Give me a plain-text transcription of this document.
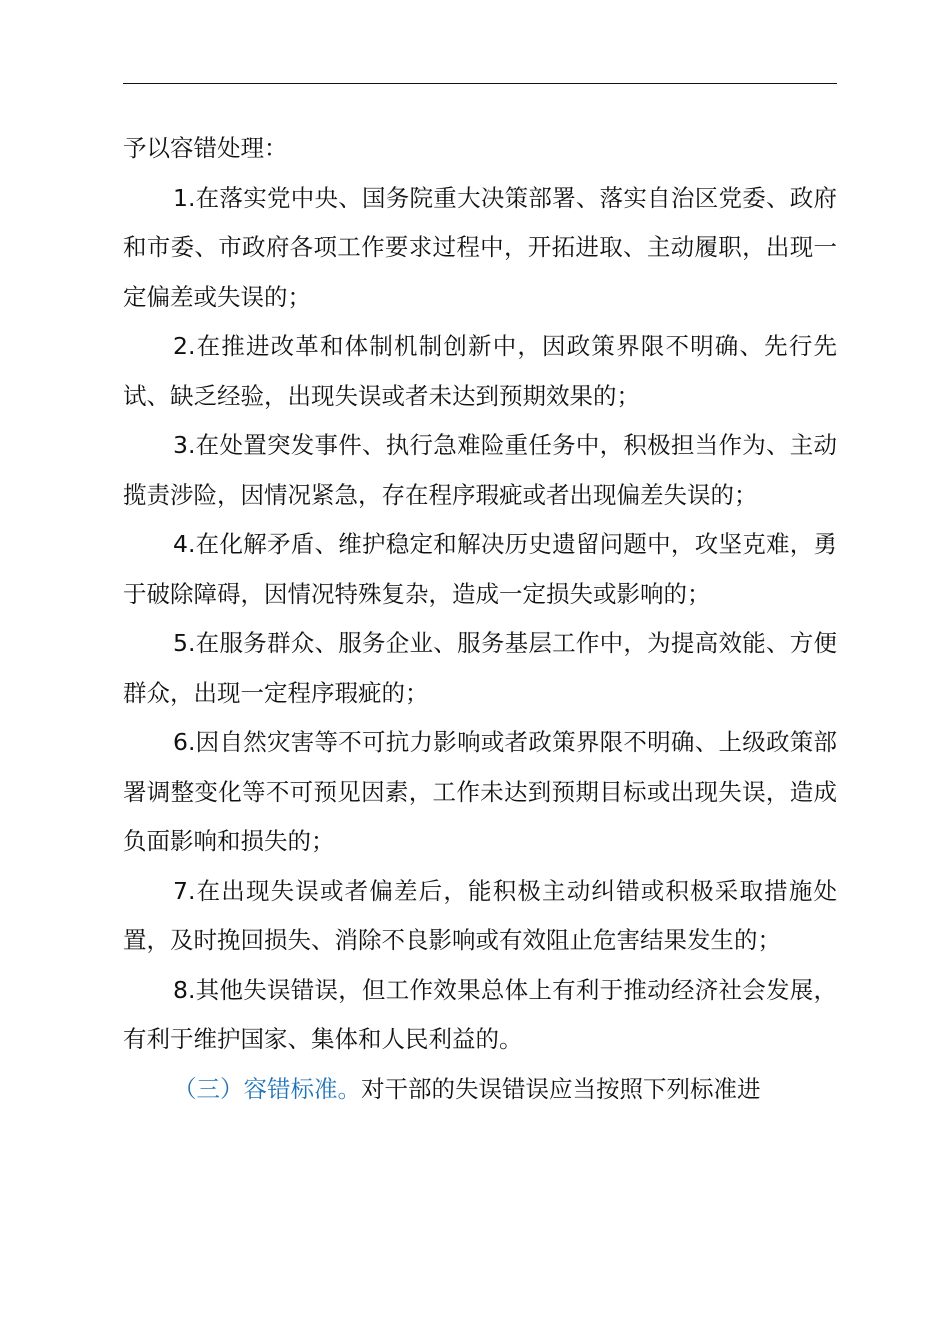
予以容错处理：

1.在落实党中央、国务院重大决策部署、落实自治区党委、政府和市委、市政府各项工作要求过程中，开拓进取、主动履职，出现一定偏差或失误的；

2.在推进改革和体制机制创新中，因政策界限不明确、先行先试、缺乏经验，出现失误或者未达到预期效果的；

3.在处置突发事件、执行急难险重任务中，积极担当作为、主动揽责涉险，因情况紧急，存在程序瑕疵或者出现偏差失误的；

4.在化解矛盾、维护稳定和解决历史遗留问题中，攻坚克难，勇于破除障碍，因情况特殊复杂，造成一定损失或影响的；

5.在服务群众、服务企业、服务基层工作中，为提高效能、方便群众，出现一定程序瑕疵的；

6.因自然灾害等不可抗力影响或者政策界限不明确、上级政策部署调整变化等不可预见因素，工作未达到预期目标或出现失误，造成负面影响和损失的；

7.在出现失误或者偏差后，能积极主动纠错或积极采取措施处置，及时挽回损失、消除不良影响或有效阻止危害结果发生的；

8.其他失误错误，但工作效果总体上有利于推动经济社会发展，有利于维护国家、集体和人民利益的。

（三）容错标准。对干部的失误错误应当按照下列标准进
